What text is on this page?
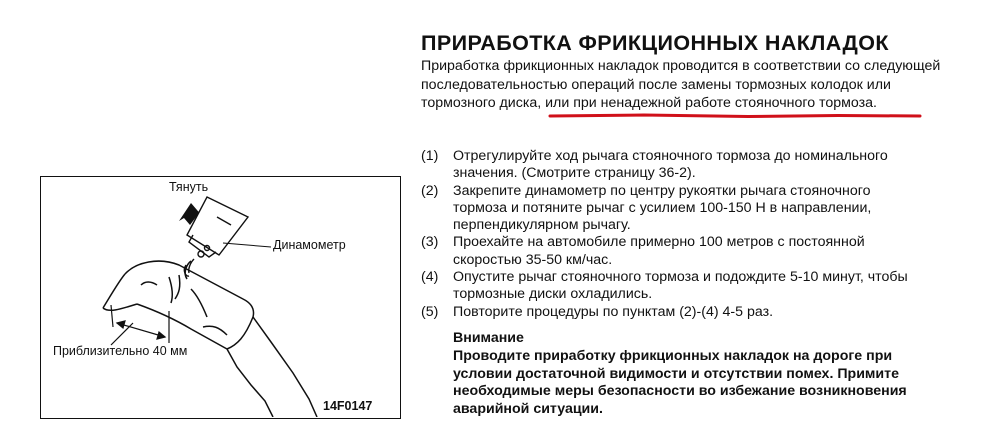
ПРИРАБОТКА ФРИКЦИОННЫХ НАКЛАДОК
Приработка фрикционных накладок проводится в соответствии со следующей
последовательностью операций после замены тормозных колодок или
тормозного диска, или при ненадежной работе стояночного тормоза.
(1)	Отрегулируйте ход рычага стояночного тормоза до номинального
значения. (Смотрите страницу 36-2).
(2)	Закрепите динамометр по центру рукоятки рычага стояночного
тормоза и потяните рычаг с усилием 100-150 Н в направлении,
перпендикулярном рычагу.
(3)	Проехайте на автомобиле примерно 100 метров с постоянной
скоростью 35-50 км/час.
(4)	Опустите рычаг стояночного тормоза и подождите 5-10 минут, чтобы
тормозные диски охладились.
(5)	Повторите процедуры по пунктам (2)-(4) 4-5 раз.
Внимание
Проводите приработку фрикционных накладок на дороге при
условии достаточной видимости и отсутствии помех. Примите
необходимые меры безопасности во избежание возникновения
аварийной ситуации.
Тянуть
Динамометр
Приблизительно 40 мм
14F0147
